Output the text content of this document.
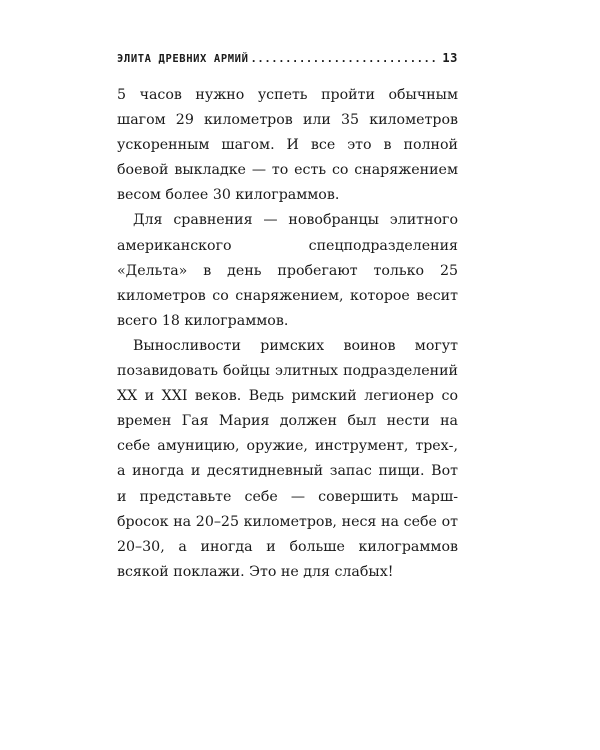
ЭЛИТА ДРЕВНИХ АРМИЙ
.....	13

5 часов нужно успеть пройти обычным шагом 29 километров или 35 километров ускоренным шагом. И все это в полной боевой выкладке — то есть со снаряжением весом более 30 килограммов.

Для сравнения — новобранцы элитного американского спецподразделения «Дельта» в день пробегают только 25 километров со снаряжением, которое весит всего 18 килограммов.

Выносливости римских воинов могут позавидовать бойцы элитных подразделений XX и XXI веков. Ведь римский легионер со времен Гая Мария должен был нести на себе амуницию, оружие, инструмент, трех-, а иногда и десятидневный запас пищи. Вот и представьте себе — совершить марш-бросок на 20–25 километров, неся на себе от 20–30, а иногда и больше килограммов всякой поклажи. Это не для слабых!
